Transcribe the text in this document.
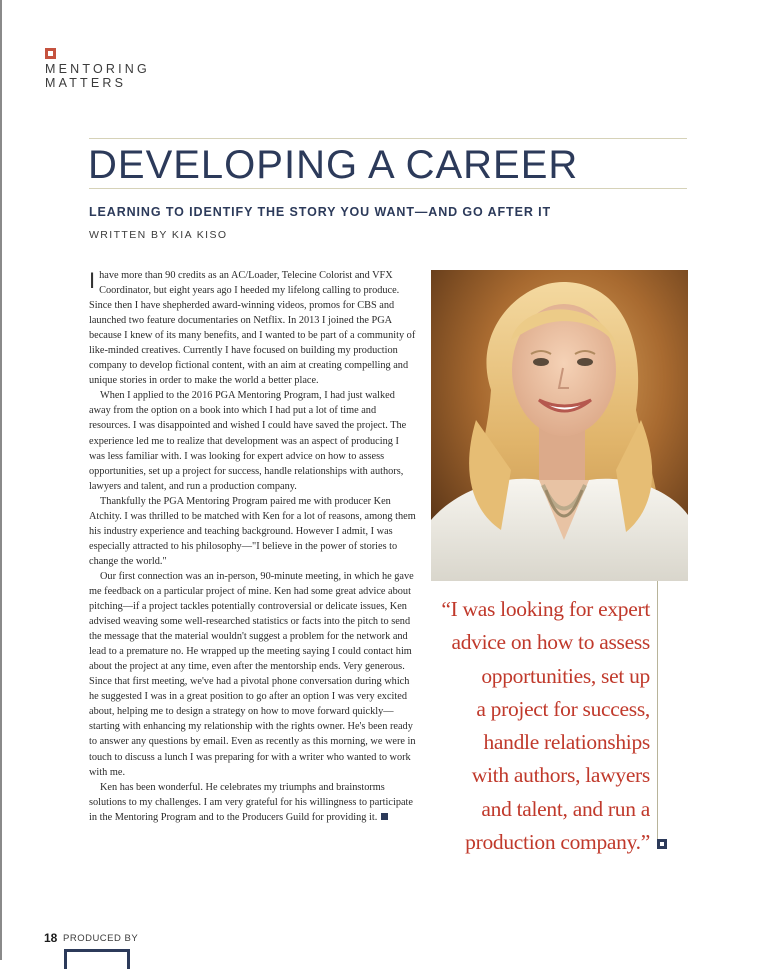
MENTORING
MATTERS
DEVELOPING A CAREER
LEARNING TO IDENTIFY THE STORY YOU WANT—AND GO AFTER IT
WRITTEN BY KIA KISO

I have more than 90 credits as an AC/Loader, Telecine Colorist and VFX Coordinator, but eight years ago I heeded my lifelong calling to produce. Since then I have shepherded award-winning videos, promos for CBS and launched two feature documentaries on Netflix. In 2013 I joined the PGA because I knew of its many benefits, and I wanted to be part of a community of like-minded creatives. Currently I have focused on building my production company to develop fictional content, with an aim at creating compelling and unique stories in order to make the world a better place.

When I applied to the 2016 PGA Mentoring Program, I had just walked away from the option on a book into which I had put a lot of time and resources. I was disappointed and wished I could have saved the project. The experience led me to realize that development was an aspect of producing I was less familiar with. I was looking for expert advice on how to assess opportunities, set up a project for success, handle relationships with authors, lawyers and talent, and run a production company.

Thankfully the PGA Mentoring Program paired me with producer Ken Atchity. I was thrilled to be matched with Ken for a lot of reasons, among them his industry experience and teaching background. However I admit, I was especially attracted to his philosophy—"I believe in the power of stories to change the world."

Our first connection was an in-person, 90-minute meeting, in which he gave me feedback on a particular project of mine. Ken had some great advice about pitching—if a project tackles potentially controversial or delicate issues, Ken advised weaving some well-researched statistics or facts into the pitch to send the message that the material wouldn't suggest a problem for the network and lead to a premature no. He wrapped up the meeting saying I could contact him about the project at any time, even after the mentorship ends. Very generous. Since that first meeting, we've had a pivotal phone conversation during which he suggested I was in a great position to go after an option I was very excited about, helping me to design a strategy on how to move forward quickly—starting with enhancing my relationship with the rights owner. He's been ready to answer any questions by email. Even as recently as this morning, we were in touch to discuss a lunch I was preparing for with a writer who wanted to work with me.

Ken has been wonderful. He celebrates my triumphs and brainstorms solutions to my challenges. I am very grateful for his willingness to participate in the Mentoring Program and to the Producers Guild for providing it.

“I was looking for expert
advice on how to assess
opportunities, set up
a project for success,
handle relationships
with authors, lawyers
and talent, and run a
production company.”
18 PRODUCED BY
